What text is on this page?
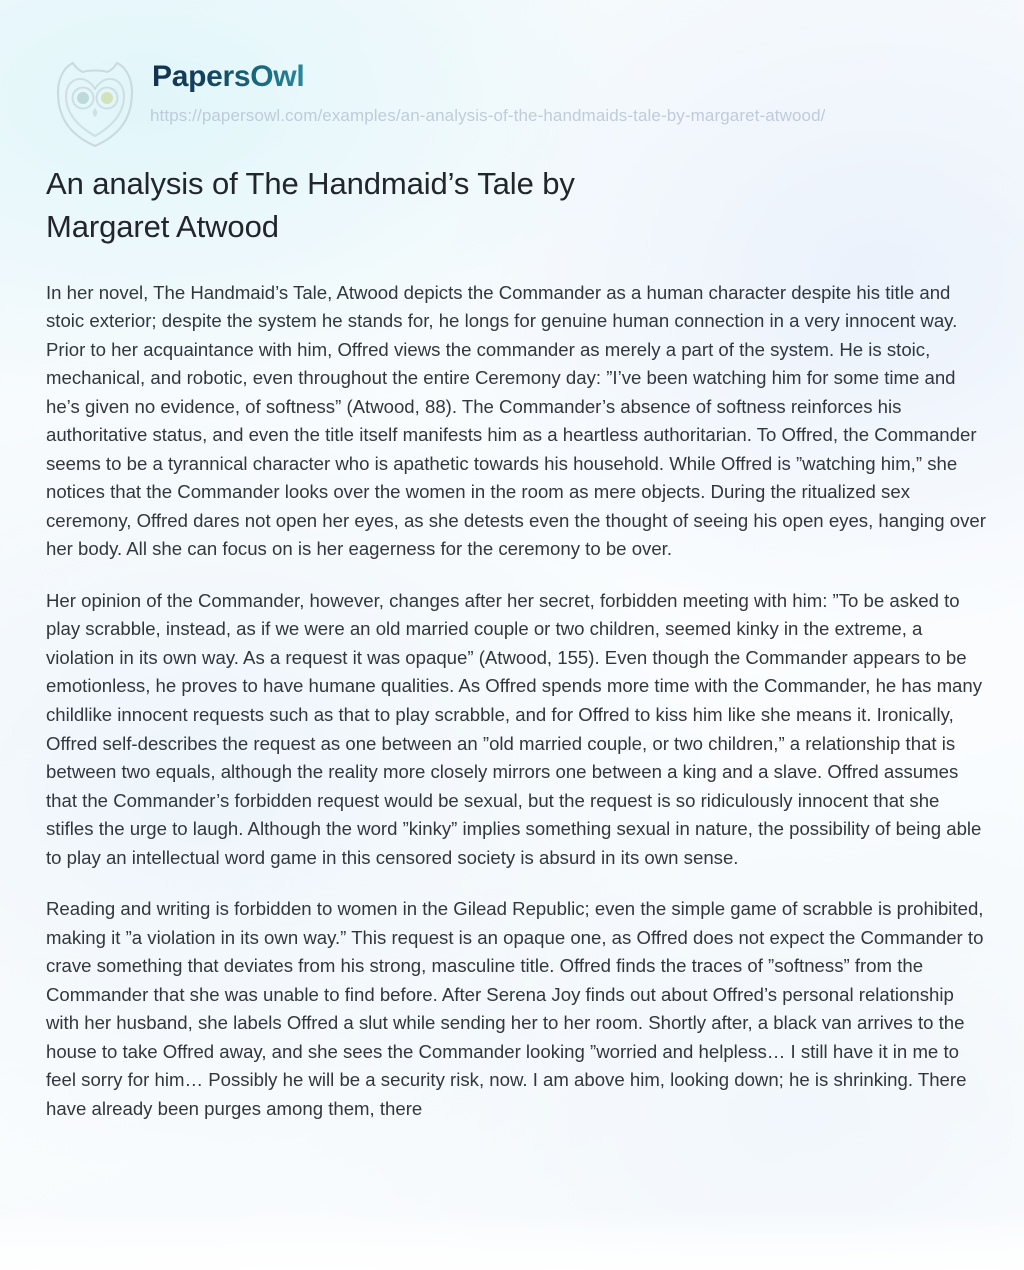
PapersOwl
https://papersowl.com/examples/an-analysis-of-the-handmaids-tale-by-margaret-atwood/
An analysis of The Handmaid’s Tale by Margaret Atwood

In her novel, The Handmaid’s Tale, Atwood depicts the Commander as a human character despite his title and stoic exterior; despite the system he stands for, he longs for genuine human connection in a very innocent way. Prior to her acquaintance with him, Offred views the commander as merely a part of the system. He is stoic, mechanical, and robotic, even throughout the entire Ceremony day: ”I’ve been watching him for some time and he’s given no evidence, of softness” (Atwood, 88). The Commander’s absence of softness reinforces his authoritative status, and even the title itself manifests him as a heartless authoritarian. To Offred, the Commander seems to be a tyrannical character who is apathetic towards his household. While Offred is ”watching him,” she notices that the Commander looks over the women in the room as mere objects. During the ritualized sex ceremony, Offred dares not open her eyes, as she detests even the thought of seeing his open eyes, hanging over her body. All she can focus on is her eagerness for the ceremony to be over.

Her opinion of the Commander, however, changes after her secret, forbidden meeting with him: ”To be asked to play scrabble, instead, as if we were an old married couple or two children, seemed kinky in the extreme, a violation in its own way. As a request it was opaque” (Atwood, 155). Even though the Commander appears to be emotionless, he proves to have humane qualities. As Offred spends more time with the Commander, he has many childlike innocent requests such as that to play scrabble, and for Offred to kiss him like she means it. Ironically, Offred self-describes the request as one between an ”old married couple, or two children,” a relationship that is between two equals, although the reality more closely mirrors one between a king and a slave. Offred assumes that the Commander’s forbidden request would be sexual, but the request is so ridiculously innocent that she stifles the urge to laugh. Although the word ”kinky” implies something sexual in nature, the possibility of being able to play an intellectual word game in this censored society is absurd in its own sense.

Reading and writing is forbidden to women in the Gilead Republic; even the simple game of scrabble is prohibited, making it ”a violation in its own way.” This request is an opaque one, as Offred does not expect the Commander to crave something that deviates from his strong, masculine title. Offred finds the traces of ”softness” from the Commander that she was unable to find before. After Serena Joy finds out about Offred’s personal relationship with her husband, she labels Offred a slut while sending her to her room. Shortly after, a black van arrives to the house to take Offred away, and she sees the Commander looking ”worried and helpless… I still have it in me to feel sorry for him… Possibly he will be a security risk, now. I am above him, looking down; he is shrinking. There have already been purges among them, there
